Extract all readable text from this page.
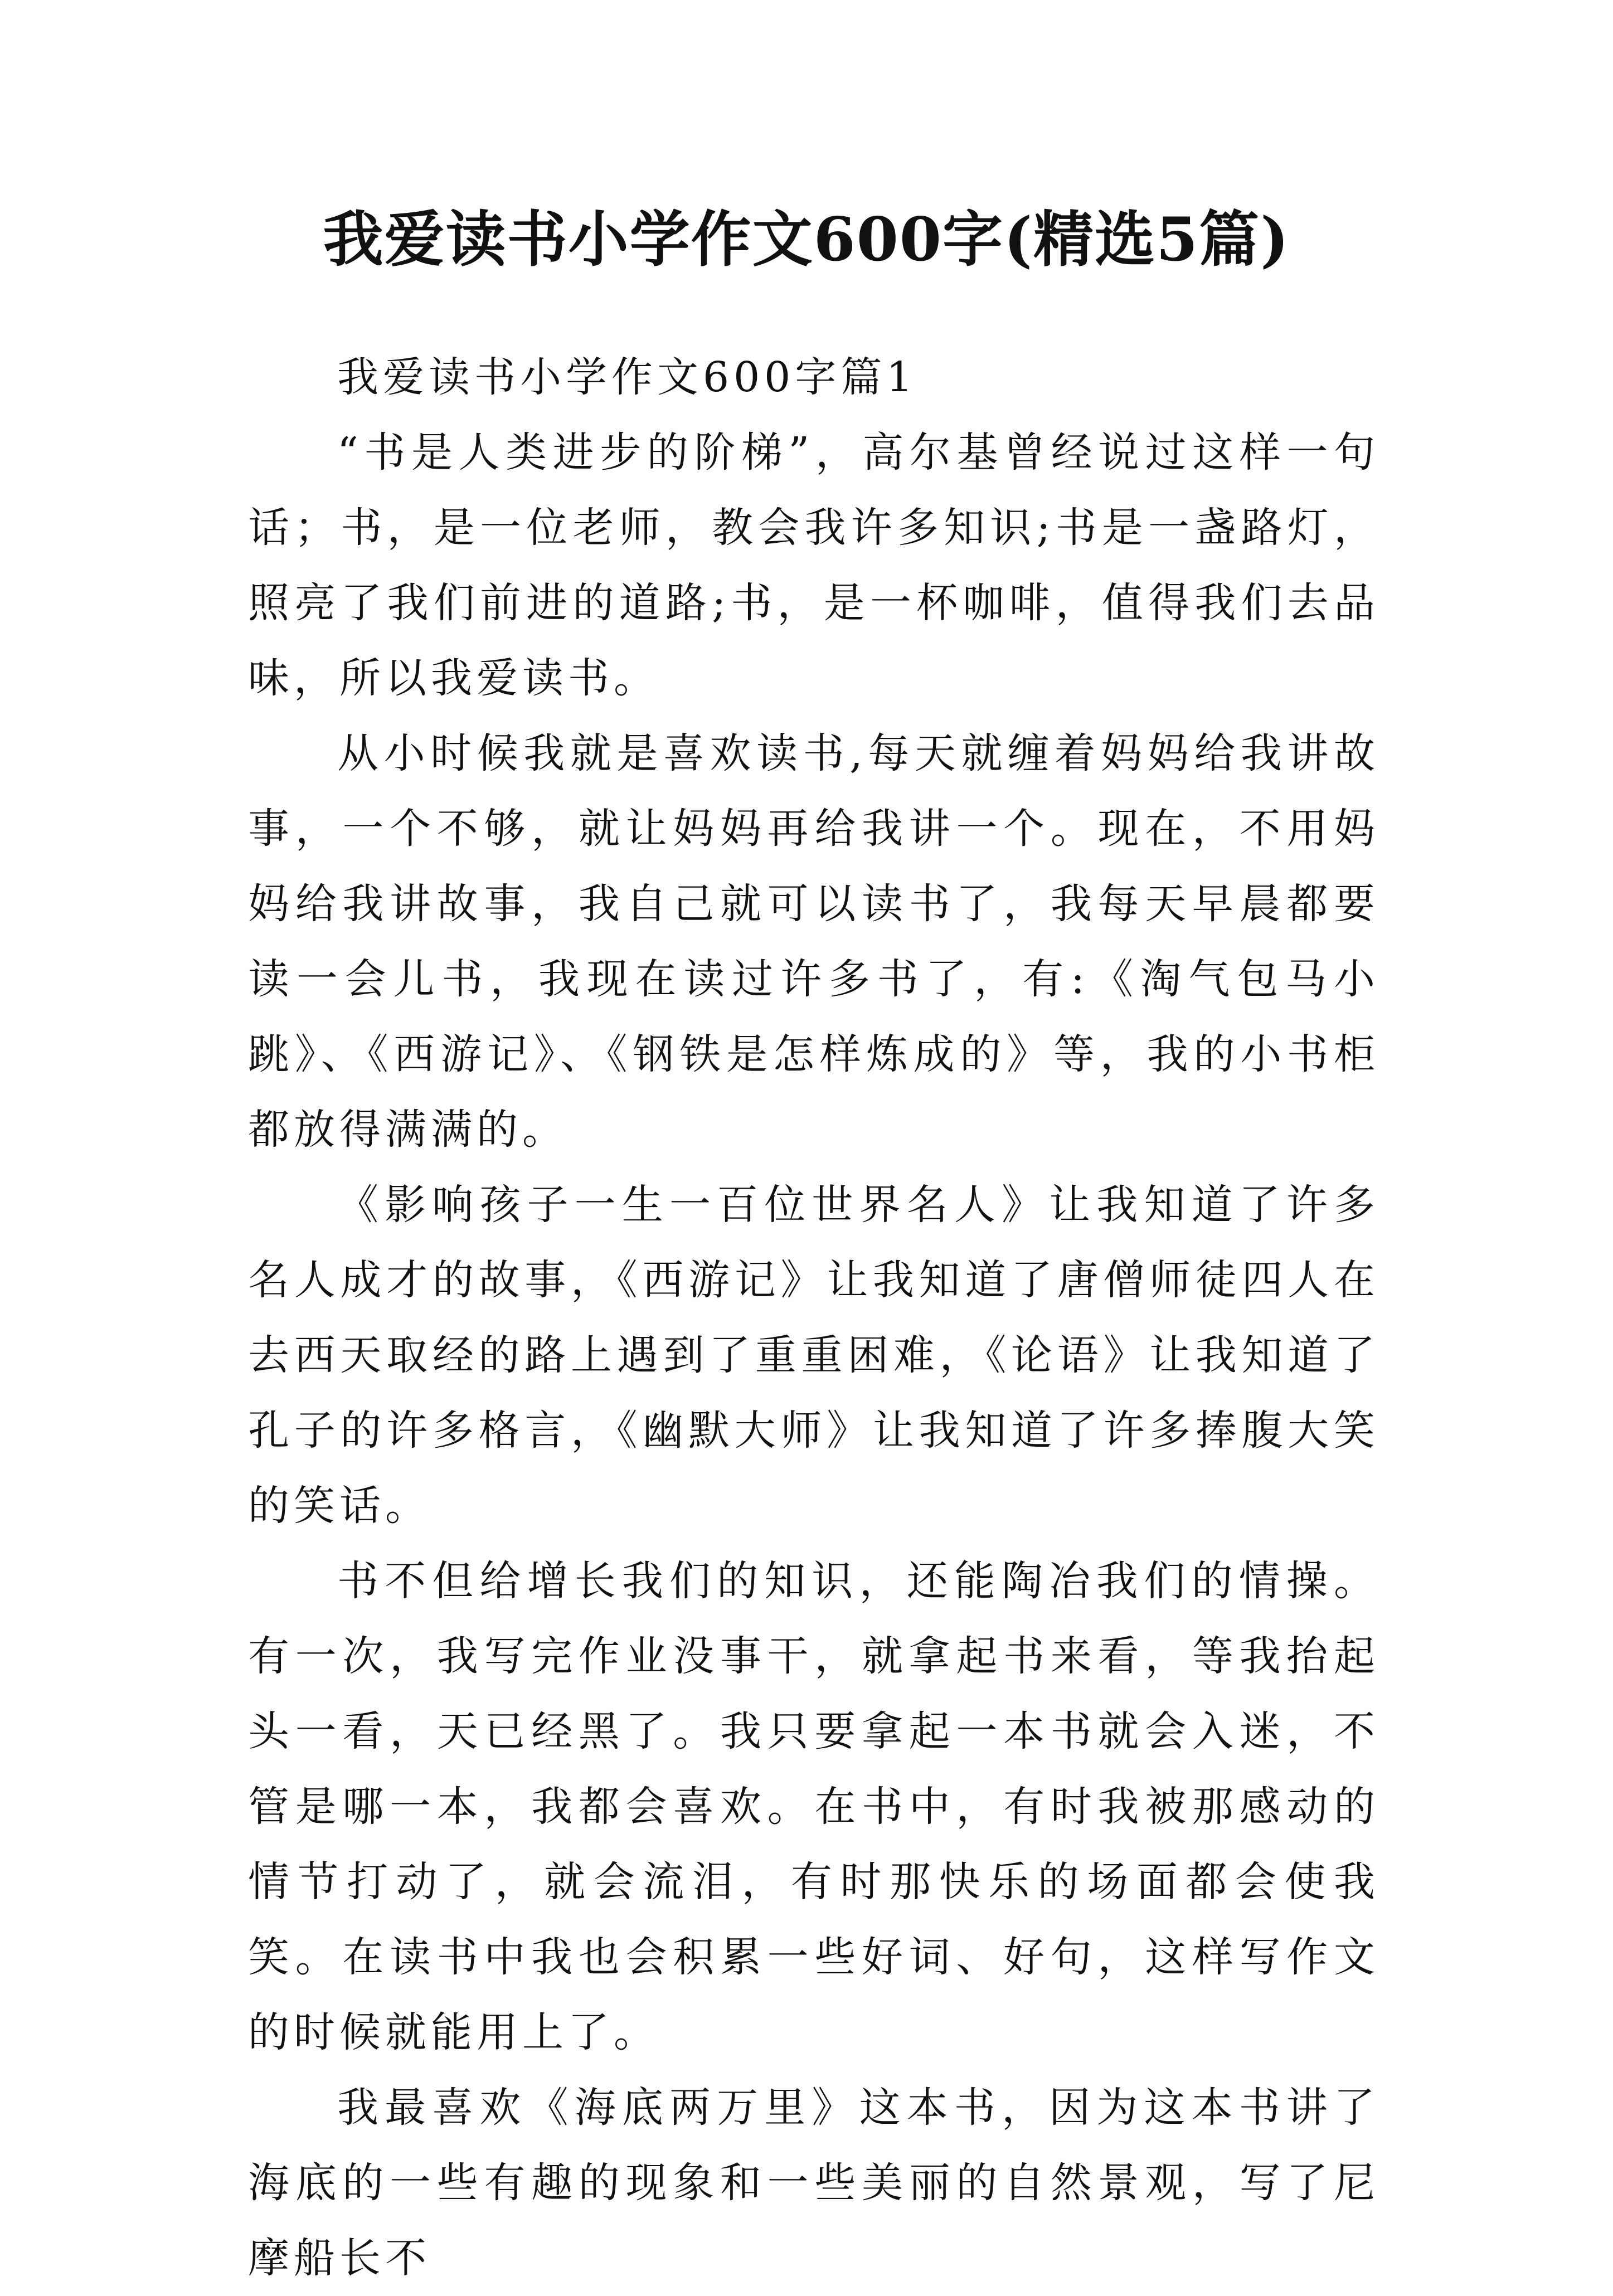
我爱读书小学作文600字(精选5篇)

我爱读书小学作文600字篇1

“书是人类进步的阶梯”，高尔基曾经说过这样一句话；书，是一位老师，教会我许多知识;书是一盏路灯，照亮了我们前进的道路;书，是一杯咖啡，值得我们去品味，所以我爱读书。

从小时候我就是喜欢读书,每天就缠着妈妈给我讲故事，一个不够，就让妈妈再给我讲一个。现在，不用妈妈给我讲故事，我自己就可以读书了，我每天早晨都要读一会儿书，我现在读过许多书了，有:《淘气包马小跳》、《西游记》、《钢铁是怎样炼成的》等，我的小书柜都放得满满的。

《影响孩子一生一百位世界名人》让我知道了许多名人成才的故事，《西游记》让我知道了唐僧师徒四人在去西天取经的路上遇到了重重困难，《论语》让我知道了孔子的许多格言，《幽默大师》让我知道了许多捧腹大笑的笑话。

书不但给增长我们的知识，还能陶冶我们的情操。有一次，我写完作业没事干，就拿起书来看，等我抬起头一看，天已经黑了。我只要拿起一本书就会入迷，不管是哪一本，我都会喜欢。在书中，有时我被那感动的情节打动了，就会流泪，有时那快乐的场面都会使我笑。在读书中我也会积累一些好词、好句，这样写作文的时候就能用上了。

我最喜欢《海底两万里》这本书，因为这本书讲了海底的一些有趣的现象和一些美丽的自然景观，写了尼摩船长不
